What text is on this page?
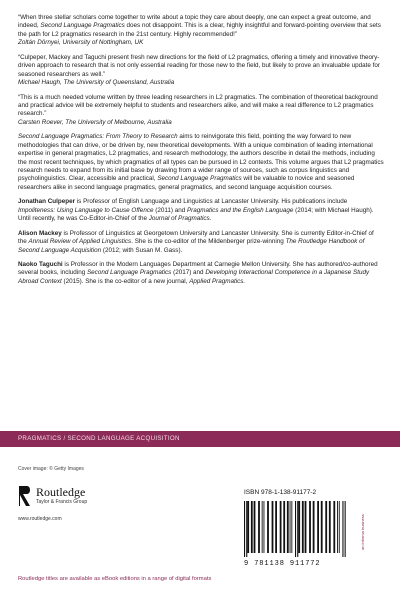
“When three stellar scholars come together to write about a topic they care about deeply, one can expect a great outcome, and indeed, Second Language Pragmatics does not disappoint. This is a clear, highly insightful and forward-pointing overview that sets the path for L2 pragmatics research in the 21st century. Highly recommended!”

Zoltán Dörnyei, University of Nottingham, UK

“Culpeper, Mackey and Taguchi present fresh new directions for the field of L2 pragmatics, offering a timely and innovative theory-driven approach to research that is not only essential reading for those new to the field, but likely to prove an invaluable update for seasoned researchers as well.”

Michael Haugh, The University of Queensland, Australia

“This is a much needed volume written by three leading researchers in L2 pragmatics. The combination of theoretical background and practical advice will be extremely helpful to students and researchers alike, and will make a real difference to L2 pragmatics research.”

Carsten Roever, The University of Melbourne, Australia

Second Language Pragmatics: From Theory to Research aims to reinvigorate this field, pointing the way forward to new methodologies that can drive, or be driven by, new theoretical developments. With a unique combination of leading international expertise in general pragmatics, L2 pragmatics, and research methodology, the authors describe in detail the methods, including the most recent techniques, by which pragmatics of all types can be pursued in L2 contexts. This volume argues that L2 pragmatics research needs to expand from its initial base by drawing from a wider range of sources, such as corpus linguistics and psycholinguistics. Clear, accessible and practical, Second Language Pragmatics will be valuable to novice and seasoned researchers alike in second language pragmatics, general pragmatics, and second language acquisition courses.

Jonathan Culpeper is Professor of English Language and Linguistics at Lancaster University. His publications include Impoliteness: Using Language to Cause Offence (2011) and Pragmatics and the English Language (2014; with Michael Haugh). Until recently, he was Co-Editor-in-Chief of the Journal of Pragmatics.

Alison Mackey is Professor of Linguistics at Georgetown University and Lancaster University. She is currently Editor-in-Chief of the Annual Review of Applied Linguistics. She is the co-editor of the Mildenberger prize-winning The Routledge Handbook of Second Language Acquisition (2012; with Susan M. Gass).

Naoko Taguchi is Professor in the Modern Languages Department at Carnegie Mellon University. She has authored/co-authored several books, including Second Language Pragmatics (2017) and Developing Interactional Competence in a Japanese Study Abroad Context (2015). She is the co-editor of a new journal, Applied Pragmatics.

PRAGMATICS / SECOND LANGUAGE ACQUISITION
Cover image: © Getty Images
Routledge
Taylor & Francis Group
www.routledge.com
ISBN 978-1-138-91177-2
9 781138 911772
an informa business
Routledge titles are available as eBook editions in a range of digital formats
